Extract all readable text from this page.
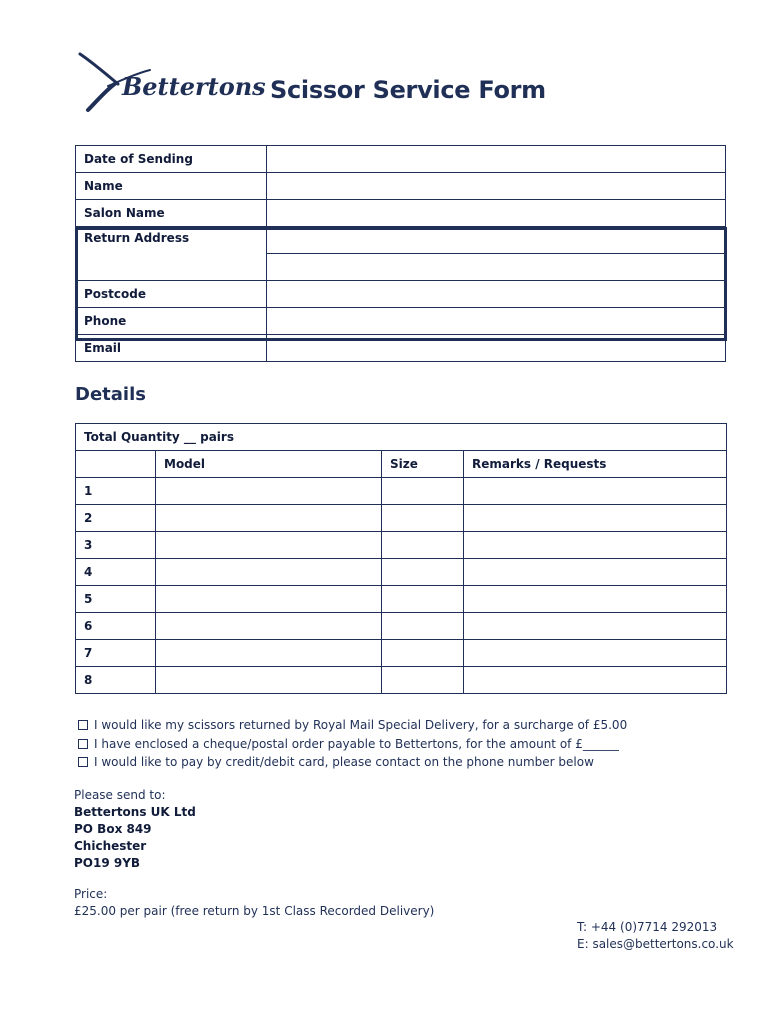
Bettertons Scissor Service Form
Date of Sending	
Name	
Salon Name	
Return Address	

Postcode	
Phone	
Email	
Details
Total Quantity __ pairs			
	Model	Size	Remarks / Requests
1			
2			
3			
4			
5			
6			
7			
8			
I would like my scissors returned by Royal Mail Special Delivery, for a surcharge of £5.00
I have enclosed a cheque/postal order payable to Bettertons, for the amount of £______
I would like to pay by credit/debit card, please contact on the phone number below
Please send to:
Bettertons UK Ltd
PO Box 849
Chichester
PO19 9YB
Price:
£25.00 per pair (free return by 1st Class Recorded Delivery)
T: +44 (0)7714 292013
E: sales@bettertons.co.uk
